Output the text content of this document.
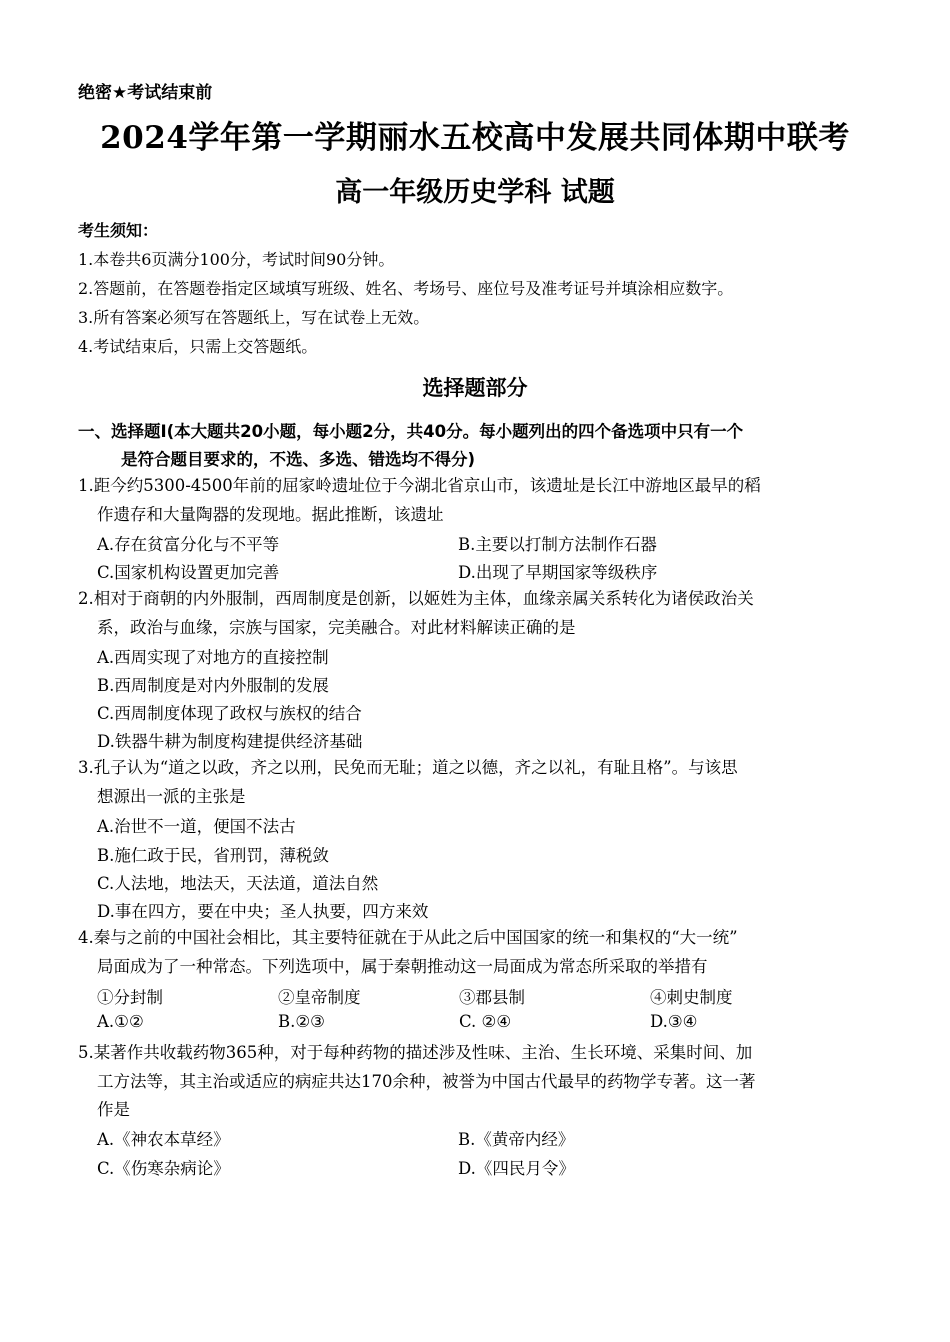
绝密★考试结束前
2024学年第一学期丽水五校高中发展共同体期中联考
高一年级历史学科 试题
考生须知：
1.本卷共6页满分100分，考试时间90分钟。
2.答题前，在答题卷指定区域填写班级、姓名、考场号、座位号及准考证号并填涂相应数字。
3.所有答案必须写在答题纸上，写在试卷上无效。
4.考试结束后，只需上交答题纸。
选择题部分
一、选择题Ⅰ(本大题共20小题，每小题2分，共40分。每小题列出的四个备选项中只有一个
是符合题目要求的，不选、多选、错选均不得分)
1.距今约5300-4500年前的屈家岭遗址位于今湖北省京山市，该遗址是长江中游地区最早的稻
作遗存和大量陶器的发现地。据此推断，该遗址
A.存在贫富分化与不平等	B.主要以打制方法制作石器
C.国家机构设置更加完善	D.出现了早期国家等级秩序
2.相对于商朝的内外服制，西周制度是创新，以姬姓为主体，血缘亲属关系转化为诸侯政治关
系，政治与血缘，宗族与国家，完美融合。对此材料解读正确的是
A.西周实现了对地方的直接控制
B.西周制度是对内外服制的发展
C.西周制度体现了政权与族权的结合
D.铁器牛耕为制度构建提供经济基础
3.孔子认为“道之以政，齐之以刑，民免而无耻；道之以德，齐之以礼，有耻且格”。与该思
想源出一派的主张是
A.治世不一道，便国不法古
B.施仁政于民，省刑罚，薄税敛
C.人法地，地法天，天法道，道法自然
D.事在四方，要在中央；圣人执要，四方来效
4.秦与之前的中国社会相比，其主要特征就在于从此之后中国国家的统一和集权的“大一统”
局面成为了一种常态。下列选项中，属于秦朝推动这一局面成为常态所采取的举措有
①分封制	②皇帝制度	③郡县制	④刺史制度
A.①②	B.②③	C. ②④	D.③④
5.某著作共收载药物365种，对于每种药物的描述涉及性味、主治、生长环境、采集时间、加
工方法等，其主治或适应的病症共达170余种，被誉为中国古代最早的药物学专著。这一著
作是
A.《神农本草经》	B.《黄帝内经》
C.《伤寒杂病论》	D.《四民月令》
